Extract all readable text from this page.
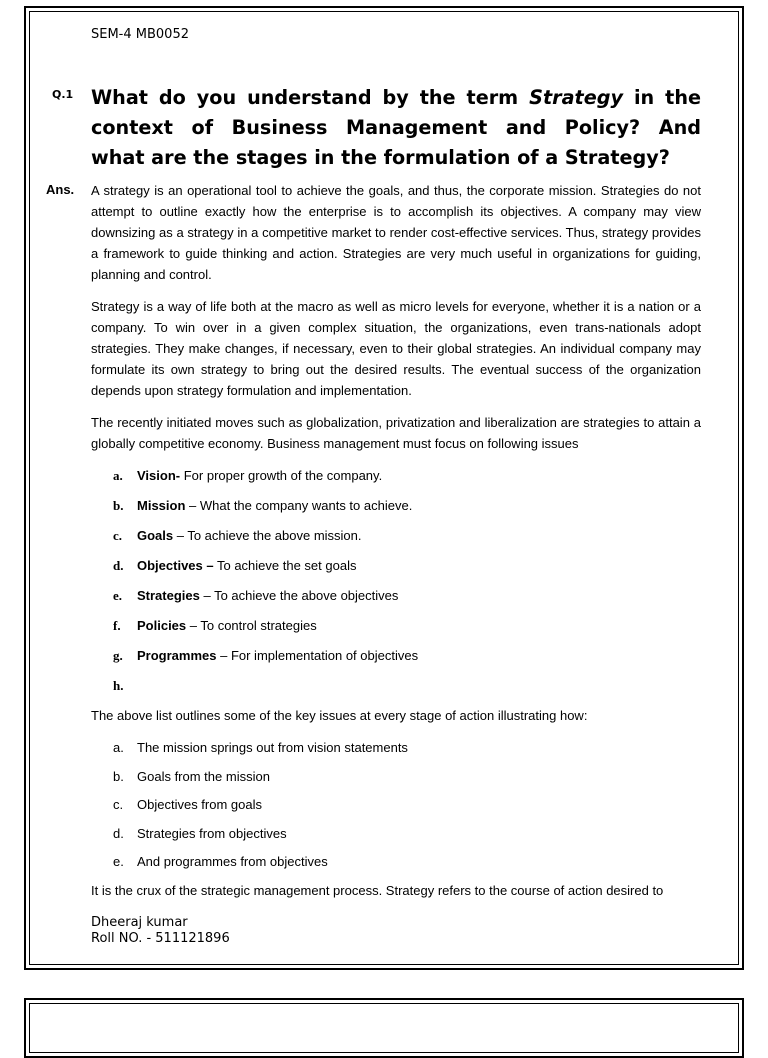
SEM-4 MB0052
Q.1 What do you understand by the term Strategy in the
context of Business Management and Policy? And
what are the stages in the formulation of a Strategy?
Ans. A strategy is an operational tool to achieve the goals, and thus, the corporate mission. Strategies do not attempt to outline exactly how the enterprise is to accomplish its objectives. A company may view downsizing as a strategy in a competitive market to render cost-effective services. Thus, strategy provides a framework to guide thinking and action. Strategies are very much useful in organizations for guiding, planning and control.

Strategy is a way of life both at the macro as well as micro levels for everyone, whether it is a nation or a company. To win over in a given complex situation, the organizations, even trans-nationals adopt strategies. They make changes, if necessary, even to their global strategies. An individual company may formulate its own strategy to bring out the desired results. The eventual success of the organization depends upon strategy formulation and implementation.

The recently initiated moves such as globalization, privatization and liberalization are strategies to attain a globally competitive economy. Business management must focus on following issues

a. Vision- For proper growth of the company.
b. Mission – What the company wants to achieve.
c. Goals – To achieve the above mission.
d. Objectives – To achieve the set goals
e. Strategies – To achieve the above objectives
f. Policies – To control strategies
g. Programmes – For implementation of objectives
h.

The above list outlines some of the key issues at every stage of action illustrating how:

a. The mission springs out from vision statements
b. Goals from the mission
c. Objectives from goals
d. Strategies from objectives
e. And programmes from objectives

It is the crux of the strategic management process. Strategy refers to the course of action desired to

Dheeraj kumar
Roll NO. - 511121896
